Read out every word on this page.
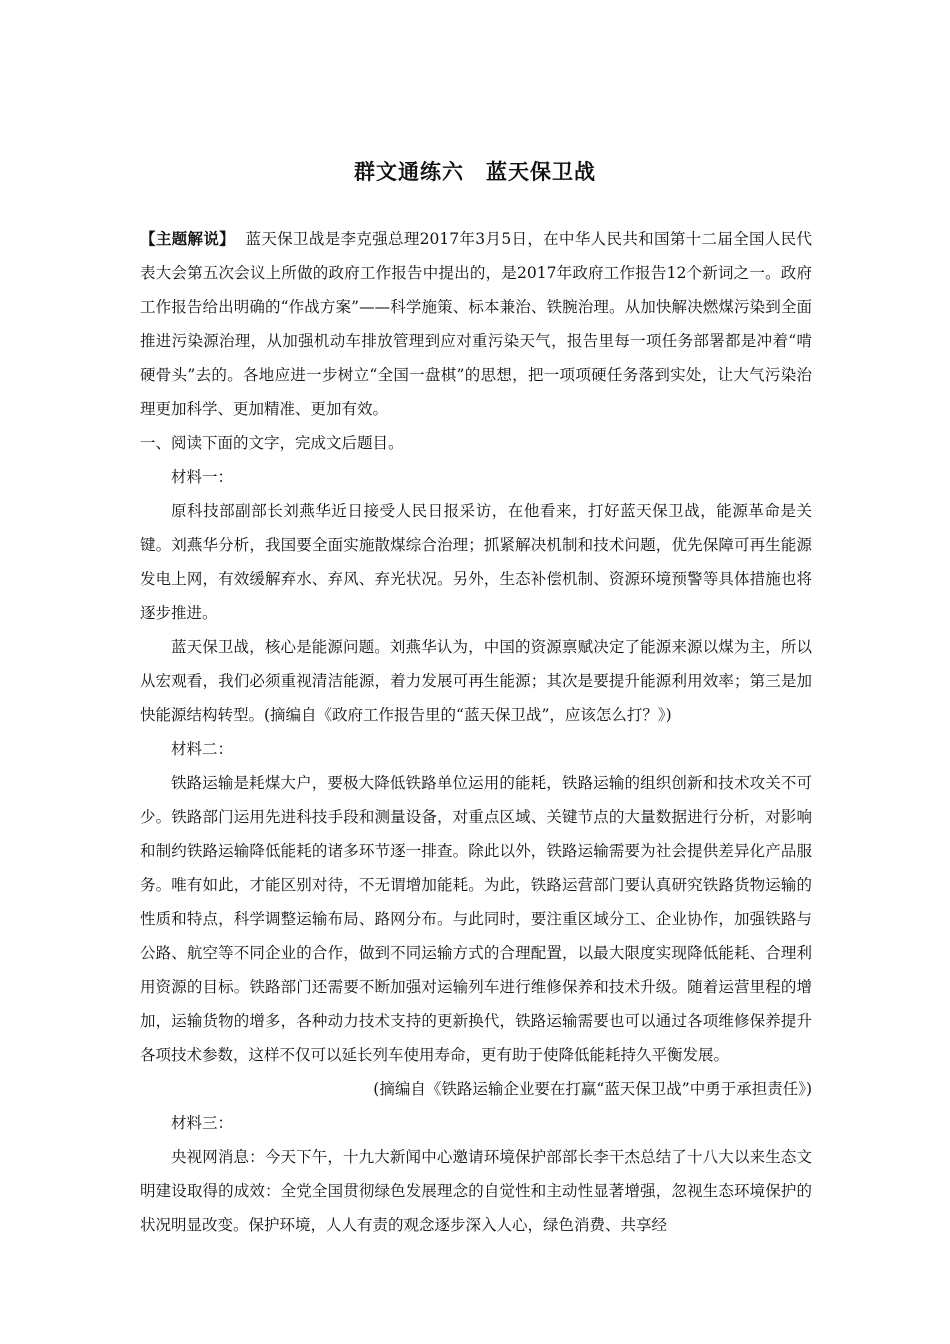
群文通练六　蓝天保卫战

【主题解说】 蓝天保卫战是李克强总理2017年3月5日，在中华人民共和国第十二届全国人民代表大会第五次会议上所做的政府工作报告中提出的，是2017年政府工作报告12个新词之一。政府工作报告给出明确的“作战方案”——科学施策、标本兼治、铁腕治理。从加快解决燃煤污染到全面推进污染源治理，从加强机动车排放管理到应对重污染天气，报告里每一项任务部署都是冲着“啃硬骨头”去的。各地应进一步树立“全国一盘棋”的思想，把一项项硬任务落到实处，让大气污染治理更加科学、更加精准、更加有效。

一、阅读下面的文字，完成文后题目。

材料一：

原科技部副部长刘燕华近日接受人民日报采访，在他看来，打好蓝天保卫战，能源革命是关键。刘燕华分析，我国要全面实施散煤综合治理；抓紧解决机制和技术问题，优先保障可再生能源发电上网，有效缓解弃水、弃风、弃光状况。另外，生态补偿机制、资源环境预警等具体措施也将逐步推进。

蓝天保卫战，核心是能源问题。刘燕华认为，中国的资源禀赋决定了能源来源以煤为主，所以从宏观看，我们必须重视清洁能源，着力发展可再生能源；其次是要提升能源利用效率；第三是加快能源结构转型。(摘编自《政府工作报告里的“蓝天保卫战”，应该怎么打？》)

材料二：

铁路运输是耗煤大户，要极大降低铁路单位运用的能耗，铁路运输的组织创新和技术攻关不可少。铁路部门运用先进科技手段和测量设备，对重点区域、关键节点的大量数据进行分析，对影响和制约铁路运输降低能耗的诸多环节逐一排查。除此以外，铁路运输需要为社会提供差异化产品服务。唯有如此，才能区别对待，不无谓增加能耗。为此，铁路运营部门要认真研究铁路货物运输的性质和特点，科学调整运输布局、路网分布。与此同时，要注重区域分工、企业协作，加强铁路与公路、航空等不同企业的合作，做到不同运输方式的合理配置，以最大限度实现降低能耗、合理利用资源的目标。铁路部门还需要不断加强对运输列车进行维修保养和技术升级。随着运营里程的增加，运输货物的增多，各种动力技术支持的更新换代，铁路运输需要也可以通过各项维修保养提升各项技术参数，这样不仅可以延长列车使用寿命，更有助于使降低能耗持久平衡发展。

(摘编自《铁路运输企业要在打赢“蓝天保卫战”中勇于承担责任》)

材料三：

央视网消息：今天下午，十九大新闻中心邀请环境保护部部长李干杰总结了十八大以来生态文明建设取得的成效：全党全国贯彻绿色发展理念的自觉性和主动性显著增强，忽视生态环境保护的状况明显改变。保护环境，人人有责的观念逐步深入人心，绿色消费、共享经
